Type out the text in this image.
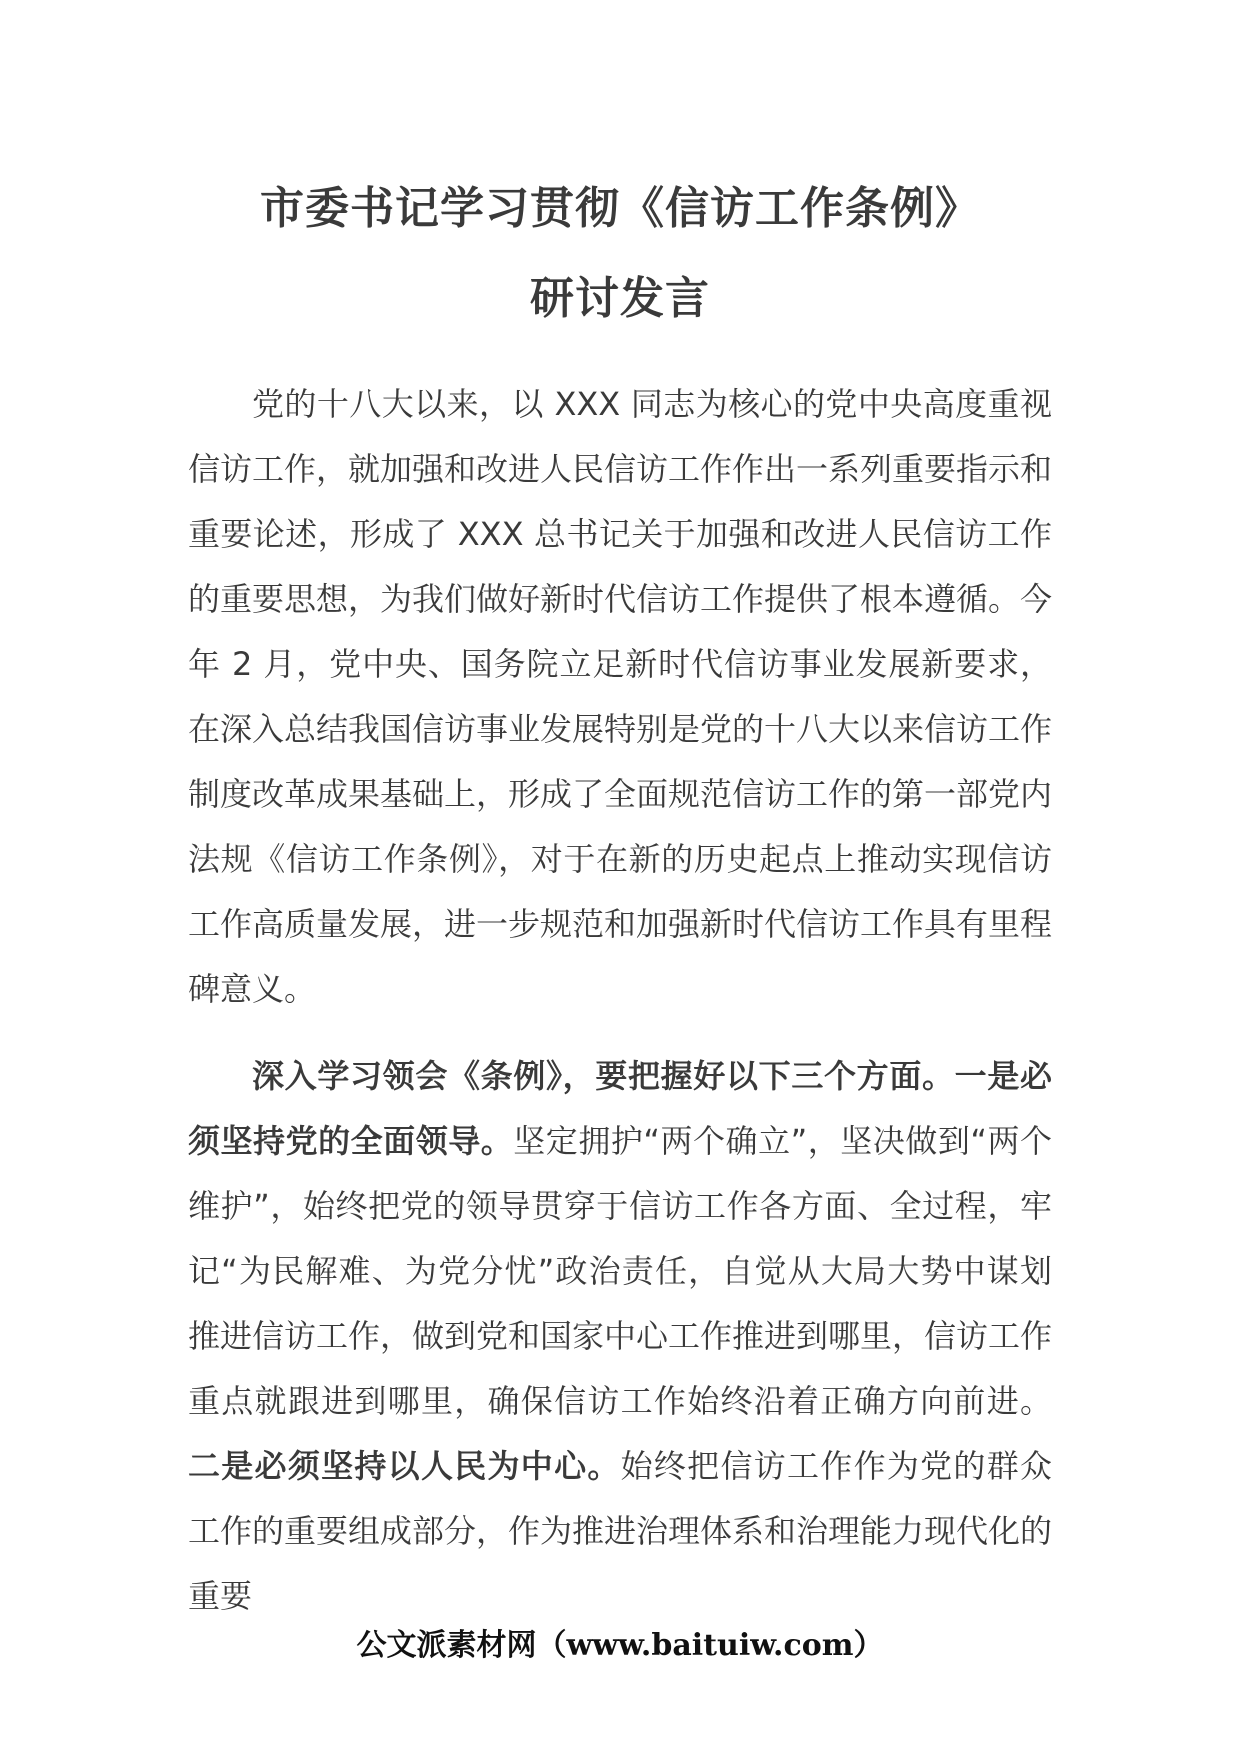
市委书记学习贯彻《信访工作条例》
研讨发言

党的十八大以来，以 XXX 同志为核心的党中央高度重视信访工作，就加强和改进人民信访工作作出一系列重要指示和重要论述，形成了 XXX 总书记关于加强和改进人民信访工作的重要思想，为我们做好新时代信访工作提供了根本遵循。今年 2 月，党中央、国务院立足新时代信访事业发展新要求，在深入总结我国信访事业发展特别是党的十八大以来信访工作制度改革成果基础上，形成了全面规范信访工作的第一部党内法规《信访工作条例》，对于在新的历史起点上推动实现信访工作高质量发展，进一步规范和加强新时代信访工作具有里程碑意义。

深入学习领会《条例》，要把握好以下三个方面。一是必须坚持党的全面领导。坚定拥护“两个确立”，坚决做到“两个维护”，始终把党的领导贯穿于信访工作各方面、全过程，牢记“为民解难、为党分忧”政治责任，自觉从大局大势中谋划推进信访工作，做到党和国家中心工作推进到哪里，信访工作重点就跟进到哪里，确保信访工作始终沿着正确方向前进。二是必须坚持以人民为中心。始终把信访工作作为党的群众工作的重要组成部分，作为推进治理体系和治理能力现代化的重要

公文派素材网（www.baituiw.com）
